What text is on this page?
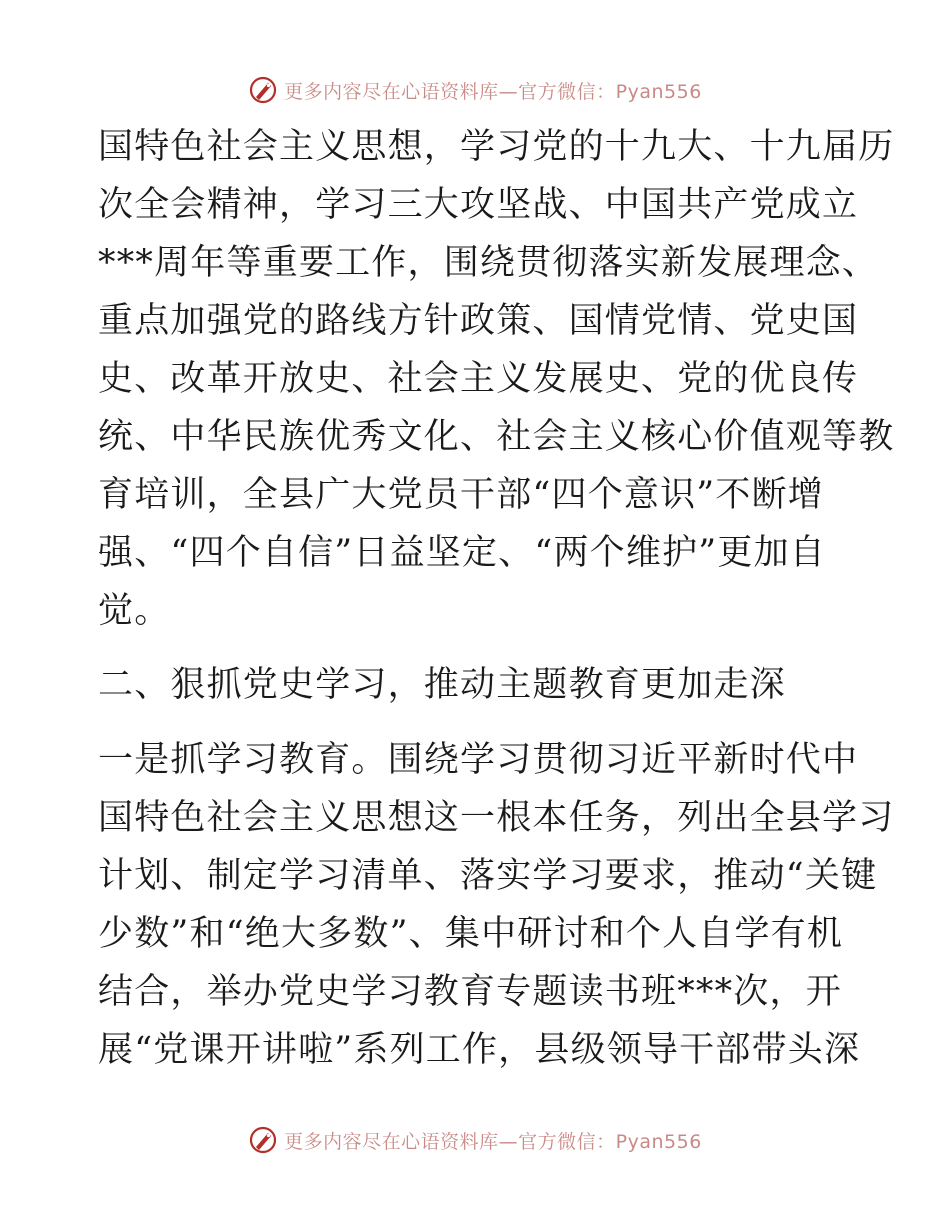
更多内容尽在心语资料库—官方微信：Pyan556
国特色社会主义思想，学习党的十九大、十九届历
次全会精神，学习三大攻坚战、中国共产党成立
***周年等重要工作，围绕贯彻落实新发展理念、
重点加强党的路线方针政策、国情党情、党史国
史、改革开放史、社会主义发展史、党的优良传
统、中华民族优秀文化、社会主义核心价值观等教
育培训，全县广大党员干部“四个意识”不断增
强、“四个自信”日益坚定、“两个维护”更加自
觉。
二、狠抓党史学习，推动主题教育更加走深
一是抓学习教育。围绕学习贯彻习近平新时代中
国特色社会主义思想这一根本任务，列出全县学习
计划、制定学习清单、落实学习要求，推动“关键
少数”和“绝大多数”、集中研讨和个人自学有机
结合，举办党史学习教育专题读书班***次，开
展“党课开讲啦”系列工作，县级领导干部带头深
更多内容尽在心语资料库—官方微信：Pyan556
